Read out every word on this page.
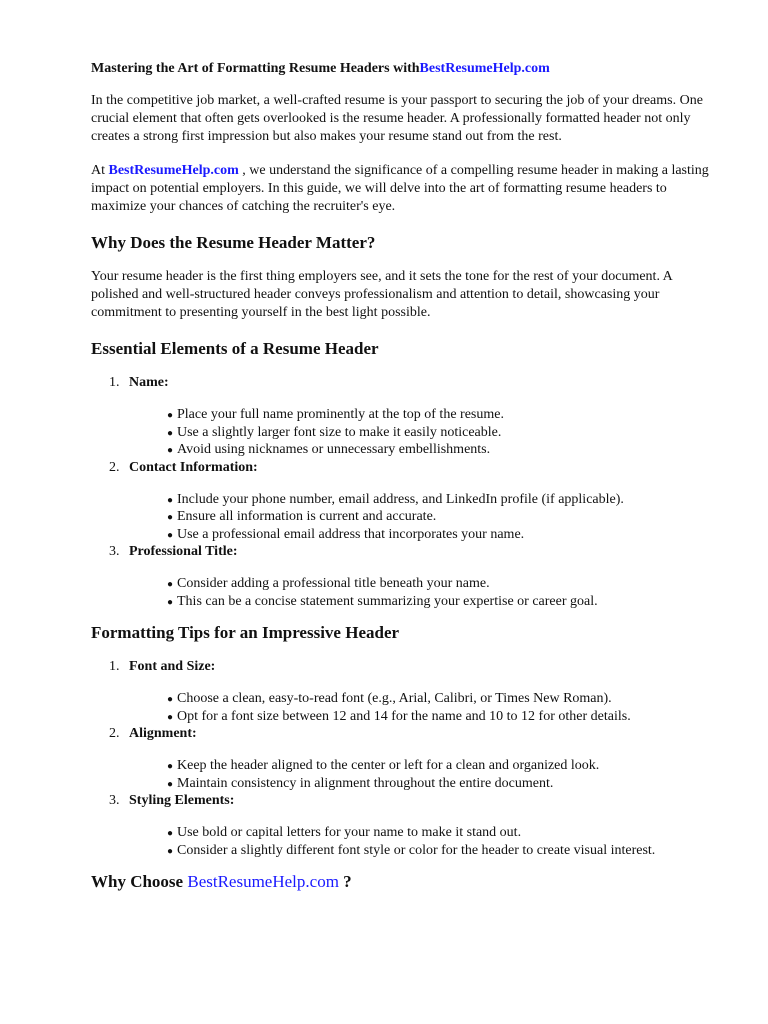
Mastering the Art of Formatting Resume Headers withBestResumeHelp.com

In the competitive job market, a well-crafted resume is your passport to securing the job of your dreams. One crucial element that often gets overlooked is the resume header. A professionally formatted header not only creates a strong first impression but also makes your resume stand out from the rest.

At BestResumeHelp.com , we understand the significance of a compelling resume header in making a lasting impact on potential employers. In this guide, we will delve into the art of formatting resume headers to maximize your chances of catching the recruiter's eye.

Why Does the Resume Header Matter?

Your resume header is the first thing employers see, and it sets the tone for the rest of your document. A polished and well-structured header conveys professionalism and attention to detail, showcasing your commitment to presenting yourself in the best light possible.

Essential Elements of a Resume Header
1. Name:
● Place your full name prominently at the top of the resume.
● Use a slightly larger font size to make it easily noticeable.
● Avoid using nicknames or unnecessary embellishments.
2. Contact Information:
● Include your phone number, email address, and LinkedIn profile (if applicable).
● Ensure all information is current and accurate.
● Use a professional email address that incorporates your name.
3. Professional Title:
● Consider adding a professional title beneath your name.
● This can be a concise statement summarizing your expertise or career goal.
Formatting Tips for an Impressive Header
1. Font and Size:
● Choose a clean, easy-to-read font (e.g., Arial, Calibri, or Times New Roman).
● Opt for a font size between 12 and 14 for the name and 10 to 12 for other details.
2. Alignment:
● Keep the header aligned to the center or left for a clean and organized look.
● Maintain consistency in alignment throughout the entire document.
3. Styling Elements:
● Use bold or capital letters for your name to make it stand out.
● Consider a slightly different font style or color for the header to create visual interest.
Why Choose BestResumeHelp.com ?
